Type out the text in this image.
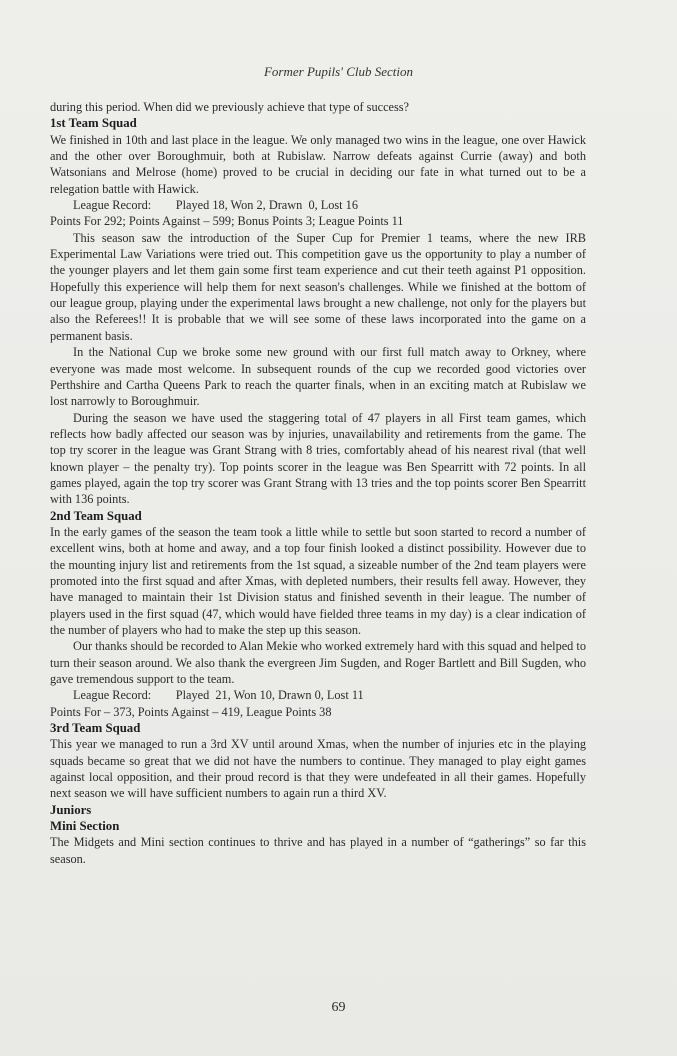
Former Pupils' Club Section

during this period. When did we previously achieve that type of success?

1st Team Squad

We finished in 10th and last place in the league. We only managed two wins in the league, one over Hawick and the other over Boroughmuir, both at Rubislaw. Narrow defeats against Currie (away) and both Watsonians and Melrose (home) proved to be crucial in deciding our fate in what turned out to be a relegation battle with Hawick.

League Record:        Played 18, Won 2, Drawn  0, Lost 16

Points For 292; Points Against – 599; Bonus Points 3; League Points 11

This season saw the introduction of the Super Cup for Premier 1 teams, where the new IRB Experimental Law Variations were tried out. This competition gave us the opportunity to play a number of the younger players and let them gain some first team experience and cut their teeth against P1 opposition. Hopefully this experience will help them for next season's challenges. While we finished at the bottom of our league group, playing under the experimental laws brought a new challenge, not only for the players but also the Referees!! It is probable that we will see some of these laws incorporated into the game on a permanent basis.

In the National Cup we broke some new ground with our first full match away to Orkney, where everyone was made most welcome. In subsequent rounds of the cup we recorded good victories over Perthshire and Cartha Queens Park to reach the quarter finals, when in an exciting match at Rubislaw we lost narrowly to Boroughmuir.

During the season we have used the staggering total of 47 players in all First team games, which reflects how badly affected our season was by injuries, unavailability and retirements from the game. The top try scorer in the league was Grant Strang with 8 tries, comfortably ahead of his nearest rival (that well known player – the penalty try). Top points scorer in the league was Ben Spearritt with 72 points. In all games played, again the top try scorer was Grant Strang with 13 tries and the top points scorer Ben Spearritt with 136 points.

2nd Team Squad

In the early games of the season the team took a little while to settle but soon started to record a number of excellent wins, both at home and away, and a top four finish looked a distinct possibility. However due to the mounting injury list and retirements from the 1st squad, a sizeable number of the 2nd team players were promoted into the first squad and after Xmas, with depleted numbers, their results fell away. However, they have managed to maintain their 1st Division status and finished seventh in their league. The number of players used in the first squad (47, which would have fielded three teams in my day) is a clear indication of the number of players who had to make the step up this season.

Our thanks should be recorded to Alan Mekie who worked extremely hard with this squad and helped to turn their season around. We also thank the evergreen Jim Sugden, and Roger Bartlett and Bill Sugden, who gave tremendous support to the team.

League Record:        Played  21, Won 10, Drawn 0, Lost 11

Points For – 373, Points Against – 419, League Points 38

3rd Team Squad

This year we managed to run a 3rd XV until around Xmas, when the number of injuries etc in the playing squads became so great that we did not have the numbers to continue. They managed to play eight games against local opposition, and their proud record is that they were undefeated in all their games. Hopefully next season we will have sufficient numbers to again run a third XV.

Juniors

Mini Section

The Midgets and Mini section continues to thrive and has played in a number of “gatherings” so far this season.

69
